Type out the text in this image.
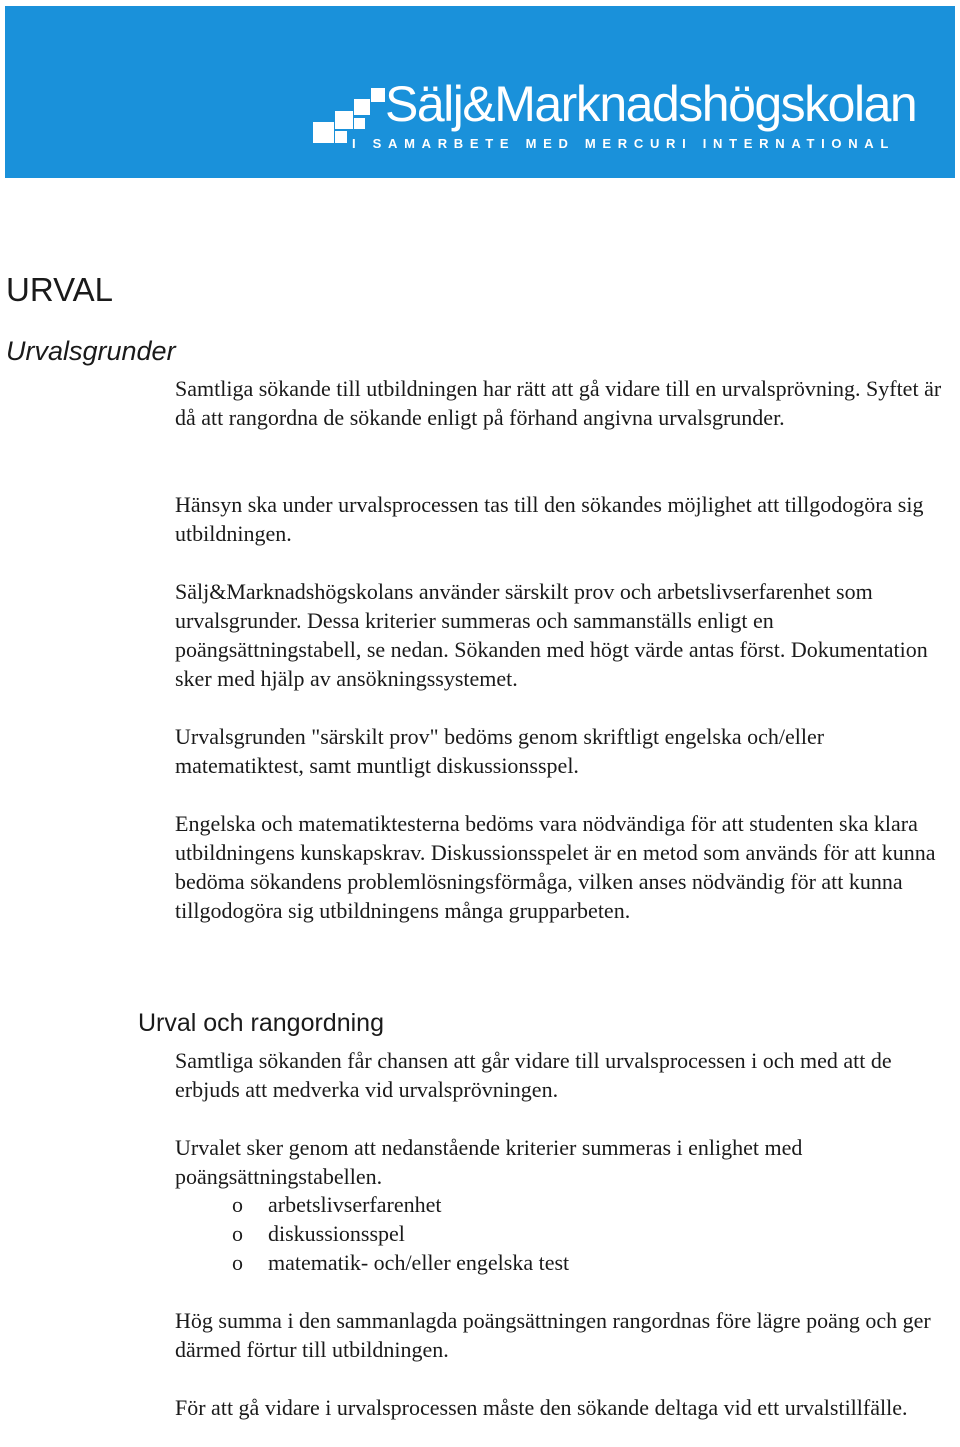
Sälj&Marknadshögskolan
I SAMARBETE MED MERCURI INTERNATIONAL
URVAL
Urvalsgrunder

Samtliga sökande till utbildningen har rätt att gå vidare till en urvalsprövning. Syftet är då att rangordna de sökande enligt på förhand angivna urvalsgrunder.

Hänsyn ska under urvalsprocessen tas till den sökandes möjlighet att tillgodogöra sig utbildningen.

Sälj&Marknadshögskolans använder särskilt prov och arbetslivserfarenhet som urvalsgrunder. Dessa kriterier summeras och sammanställs enligt en poängsättningstabell, se nedan. Sökanden med högt värde antas först. Dokumentation sker med hjälp av ansökningssystemet.

Urvalsgrunden "särskilt prov" bedöms genom skriftligt engelska och/eller matematiktest, samt muntligt diskussionsspel.

Engelska och matematiktesterna bedöms vara nödvändiga för att studenten ska klara utbildningens kunskapskrav. Diskussionsspelet är en metod som används för att kunna bedöma sökandens problemlösningsförmåga, vilken anses nödvändig för att kunna tillgodogöra sig utbildningens många grupparbeten.

Urval och rangordning

Samtliga sökanden får chansen att går vidare till urvalsprocessen i och med att de erbjuds att medverka vid urvalsprövningen.

Urvalet sker genom att nedanstående kriterier summeras i enlighet med poängsättningstabellen.

o arbetslivserfarenhet
o diskussionsspel
o matematik- och/eller engelska test

Hög summa i den sammanlagda poängsättningen rangordnas före lägre poäng och ger därmed förtur till utbildningen.

För att gå vidare i urvalsprocessen måste den sökande deltaga vid ett urvalstillfälle.
